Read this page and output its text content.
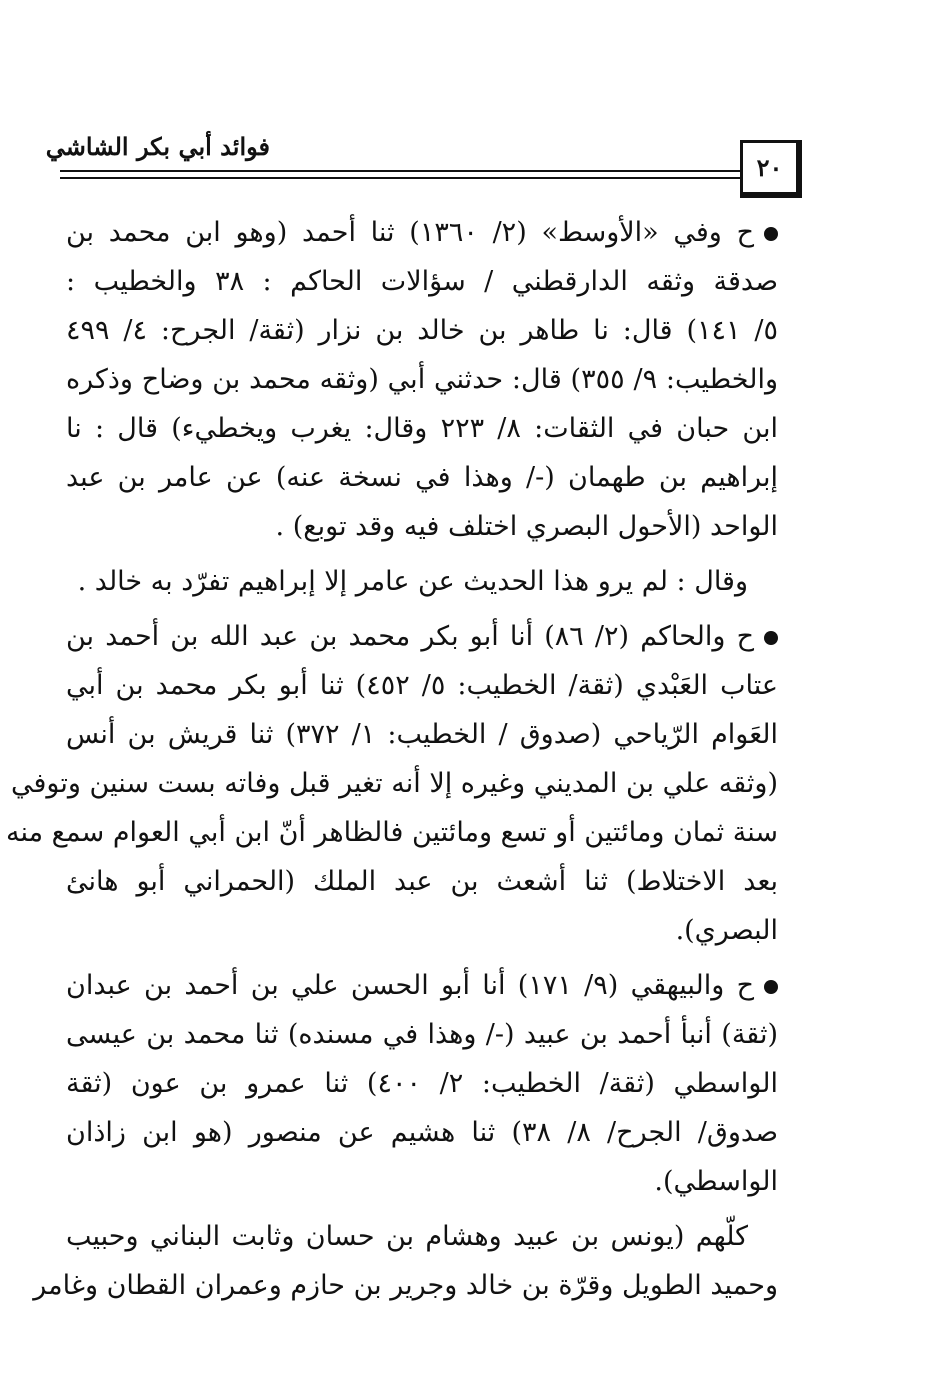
فوائد أبي بكر الشاشي
٢٠
ح وفي «الأوسط» (٢/ ١٣٦٠) ثنا أحمد (وهو ابن محمد بن
صدقة وثقه الدارقطني / سؤالات الحاكم : ٣٨ والخطيب :
٥/ ١٤١) قال: نا طاهر بن خالد بن نزار (ثقة/ الجرح: ٤/ ٤٩٩
والخطيب: ٩/ ٣٥٥) قال: حدثني أبي (وثقه محمد بن وضاح وذكره
ابن حبان في الثقات: ٨/ ٢٢٣ وقال: يغرب ويخطيء) قال : نا
إبراهيم بن طهمان (-/ وهذا في نسخة عنه) عن عامر بن عبد
الواحد (الأحول البصري اختلف فيه وقد توبع) .
وقال : لم يرو هذا الحديث عن عامر إلا إبراهيم تفرّد به خالد .
ح والحاكم (٢/ ٨٦) أنا أبو بكر محمد بن عبد الله بن أحمد بن
عتاب العَبْدي (ثقة/ الخطيب: ٥/ ٤٥٢) ثنا أبو بكر محمد بن أبي
العَوام الرّياحي (صدوق / الخطيب: ١/ ٣٧٢) ثنا قريش بن أنس
(وثقه علي بن المديني وغيره إلا أنه تغير قبل وفاته بست سنين وتوفي
سنة ثمان ومائتين أو تسع ومائتين فالظاهر أنّ ابن أبي العوام سمع منه
بعد الاختلاط) ثنا أشعث بن عبد الملك (الحمراني أبو هانئ
البصري).
ح والبيهقي (٩/ ١٧١) أنا أبو الحسن علي بن أحمد بن عبدان
(ثقة) أنبأ أحمد بن عبيد (-/ وهذا في مسنده) ثنا محمد بن عيسى
الواسطي (ثقة/ الخطيب: ٢/ ٤٠٠) ثنا عمرو بن عون (ثقة
صدوق/ الجرح/ ٨/ ٣٨) ثنا هشيم عن منصور (هو ابن زاذان
الواسطي).
كلّهم (يونس بن عبيد وهشام بن حسان وثابت البناني وحبيب
وحميد الطويل وقرّة بن خالد وجرير بن حازم وعمران القطان وغامر
